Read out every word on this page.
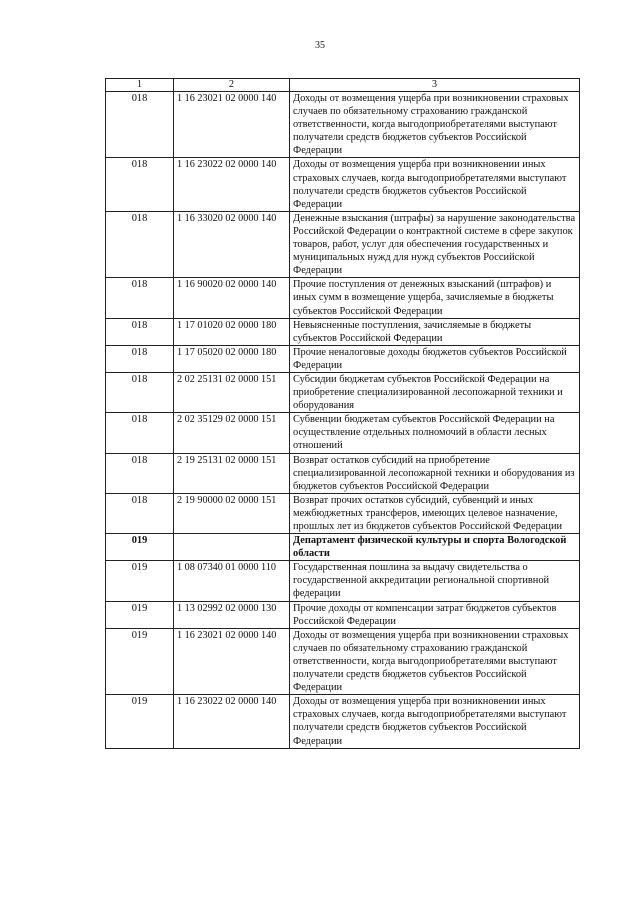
35
1	2	3
018	1 16 23021 02 0000 140	Доходы от возмещения ущерба при возникновении страховых случаев по обязательному страхованию гражданской ответственности, когда выгодоприобретателями выступают получатели средств бюджетов субъектов Российской Федерации
018	1 16 23022 02 0000 140	Доходы от возмещения ущерба при возникновении иных страховых случаев, когда выгодоприобретателями выступают получатели средств бюджетов субъектов Российской Федерации
018	1 16 33020 02 0000 140	Денежные взыскания (штрафы) за нарушение законодательства Российской Федерации о контрактной системе в сфере закупок товаров, работ, услуг для обеспечения государственных и муниципальных нужд для нужд субъектов Российской Федерации
018	1 16 90020 02 0000 140	Прочие поступления от денежных взысканий (штрафов) и иных сумм в возмещение ущерба, зачисляемые в бюджеты субъектов Российской Федерации
018	1 17 01020 02 0000 180	Невыясненные поступления, зачисляемые в бюджеты субъектов Российской Федерации
018	1 17 05020 02 0000 180	Прочие неналоговые доходы бюджетов субъектов Российской Федерации
018	2 02 25131 02 0000 151	Субсидии бюджетам субъектов Российской Федерации на приобретение специализированной лесопожарной техники и оборудования
018	2 02 35129 02 0000 151	Субвенции бюджетам субъектов Российской Федерации на осуществление отдельных полномочий в области лесных отношений
018	2 19 25131 02 0000 151	Возврат остатков субсидий на приобретение специализированной лесопожарной техники и оборудования из бюджетов субъектов Российской Федерации
018	2 19 90000 02 0000 151	Возврат прочих остатков субсидий, субвенций и иных межбюджетных трансферов, имеющих целевое назначение, прошлых лет из бюджетов субъектов Российской Федерации
019		Департамент физической культуры и спорта Вологодской области
019	1 08 07340 01 0000 110	Государственная пошлина за выдачу свидетельства о государственной аккредитации региональной спортивной федерации
019	1 13 02992 02 0000 130	Прочие доходы от компенсации затрат бюджетов субъектов Российской Федерации
019	1 16 23021 02 0000 140	Доходы от возмещения ущерба при возникновении страховых случаев по обязательному страхованию гражданской ответственности, когда выгодоприобретателями выступают получатели средств бюджетов субъектов Российской Федерации
019	1 16 23022 02 0000 140	Доходы от возмещения ущерба при возникновении иных страховых случаев, когда выгодоприобретателями выступают получатели средств бюджетов субъектов Российской Федерации
